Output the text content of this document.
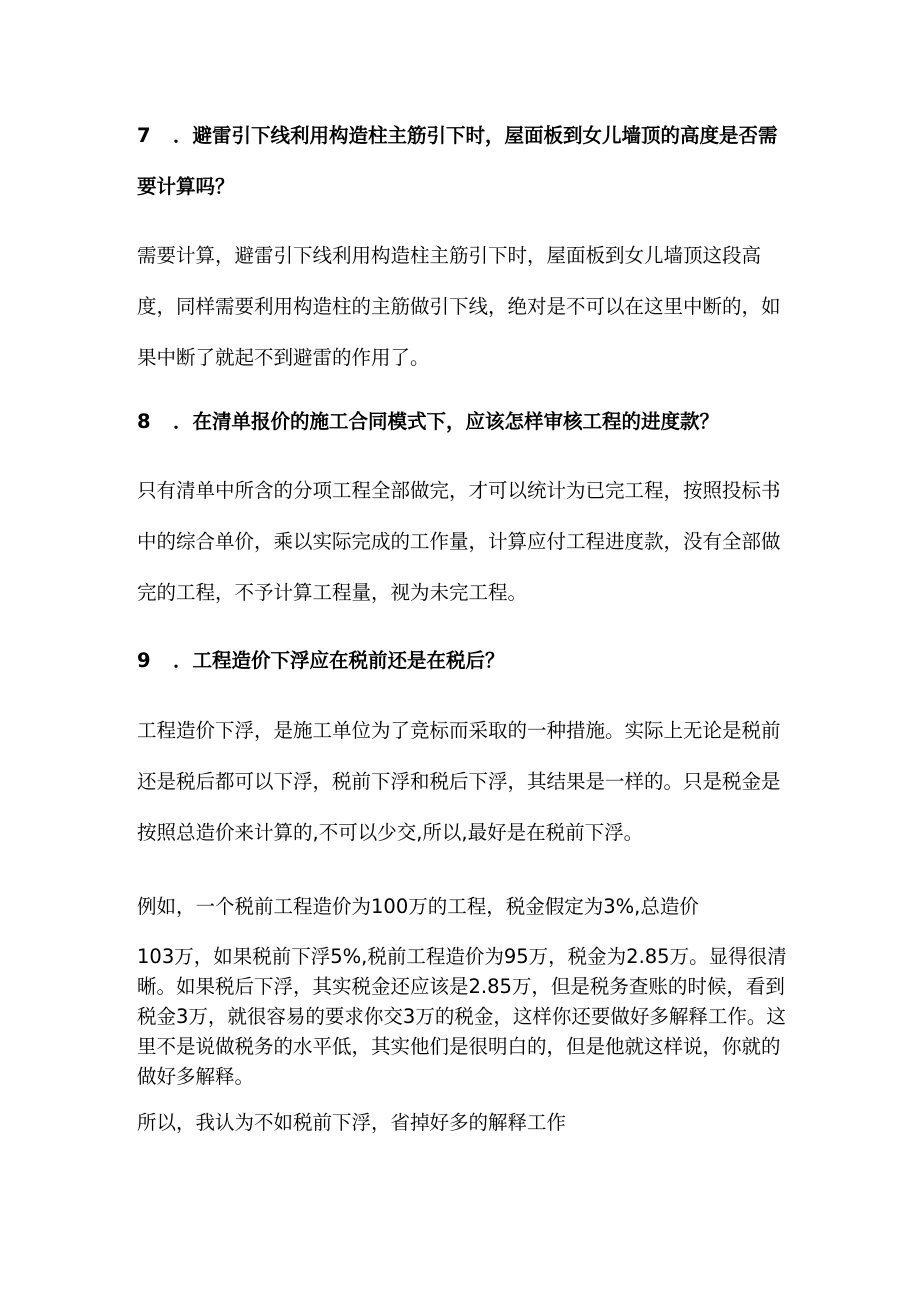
7 ．避雷引下线利用构造柱主筋引下时，屋面板到女儿墙顶的高度是否需要计算吗？
需要计算，避雷引下线利用构造柱主筋引下时，屋面板到女儿墙顶这段高度，同样需要利用构造柱的主筋做引下线，绝对是不可以在这里中断的，如果中断了就起不到避雷的作用了。
8 ．在清单报价的施工合同模式下，应该怎样审核工程的进度款？
只有清单中所含的分项工程全部做完，才可以统计为已完工程，按照投标书中的综合单价，乘以实际完成的工作量，计算应付工程进度款，没有全部做完的工程，不予计算工程量，视为未完工程。
9 ．工程造价下浮应在税前还是在税后？
工程造价下浮，是施工单位为了竞标而采取的一种措施。实际上无论是税前还是税后都可以下浮，税前下浮和税后下浮，其结果是一样的。只是税金是按照总造价来计算的,不可以少交,所以,最好是在税前下浮。
例如，一个税前工程造价为100万的工程，税金假定为3%,总造价
103万，如果税前下浮5%,税前工程造价为95万，税金为2.85万。显得很清晰。如果税后下浮，其实税金还应该是2.85万，但是税务查账的时候，看到税金3万，就很容易的要求你交3万的税金，这样你还要做好多解释工作。这里不是说做税务的水平低，其实他们是很明白的，但是他就这样说，你就的做好多解释。
所以，我认为不如税前下浮，省掉好多的解释工作
